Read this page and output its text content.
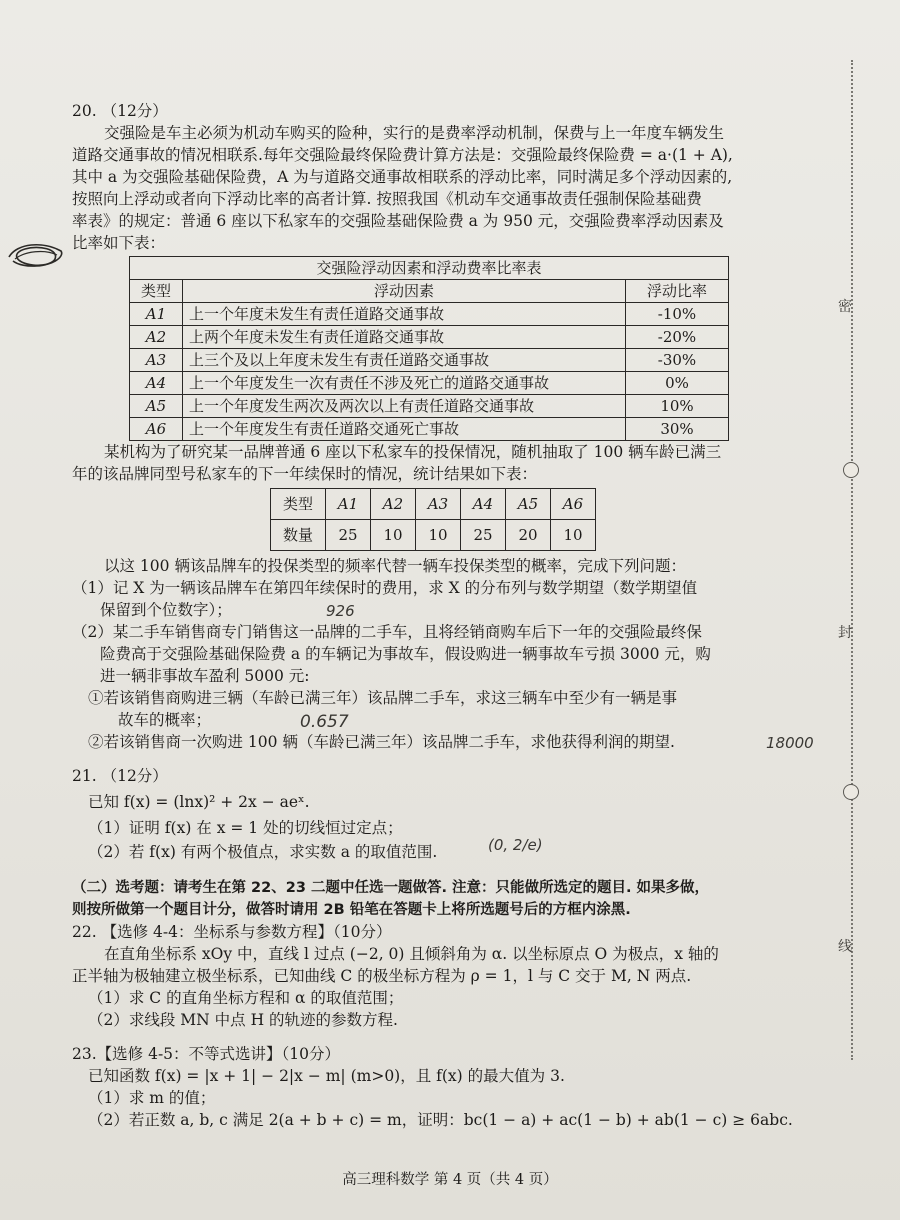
密
封
线
20. （12分）
交强险是车主必须为机动车购买的险种，实行的是费率浮动机制，保费与上一年度车辆发生
道路交通事故的情况相联系.每年交强险最终保险费计算方法是：交强险最终保险费 = a·(1 + A),
其中 a 为交强险基础保险费，A 为与道路交通事故相联系的浮动比率，同时满足多个浮动因素的,
按照向上浮动或者向下浮动比率的高者计算. 按照我国《机动车交通事故责任强制保险基础费
率表》的规定：普通 6 座以下私家车的交强险基础保险费 a 为 950 元，交强险费率浮动因素及
比率如下表：
交强险浮动因素和浮动费率比率表		
类型	浮动因素	浮动比率
A1	上一个年度未发生有责任道路交通事故	-10%
A2	上两个年度未发生有责任道路交通事故	-20%
A3	上三个及以上年度未发生有责任道路交通事故	-30%
A4	上一个年度发生一次有责任不涉及死亡的道路交通事故	0%
A5	上一个年度发生两次及两次以上有责任道路交通事故	10%
A6	上一个年度发生有责任道路交通死亡事故	30%
某机构为了研究某一品牌普通 6 座以下私家车的投保情况，随机抽取了 100 辆车龄已满三
年的该品牌同型号私家车的下一年续保时的情况，统计结果如下表：
类型	A1	A2	A3	A4	A5	A6
数量	25	10	10	25	20	10
以这 100 辆该品牌车的投保类型的频率代替一辆车投保类型的概率，完成下列问题：
（1）记 X 为一辆该品牌车在第四年续保时的费用，求 X 的分布列与数学期望（数学期望值
保留到个位数字）；
（2）某二手车销售商专门销售这一品牌的二手车，且将经销商购车后下一年的交强险最终保
险费高于交强险基础保险费 a 的车辆记为事故车，假设购进一辆事故车亏损 3000 元，购
进一辆非事故车盈利 5000 元:
①若该销售商购进三辆（车龄已满三年）该品牌二手车，求这三辆车中至少有一辆是事
故车的概率；
②若该销售商一次购进 100 辆（车龄已满三年）该品牌二手车，求他获得利润的期望.
21. （12分）
已知 f(x) = (lnx)² + 2x − aeˣ.
（1）证明 f(x) 在 x = 1 处的切线恒过定点；
（2）若 f(x) 有两个极值点，求实数 a 的取值范围.
（二）选考题：请考生在第 22、23 二题中任选一题做答. 注意：只能做所选定的题目. 如果多做，
则按所做第一个题目计分，做答时请用 2B 铅笔在答题卡上将所选题号后的方框内涂黑.
22. 【选修 4-4：坐标系与参数方程】（10分）
在直角坐标系 xOy 中，直线 l 过点 (−2, 0) 且倾斜角为 α. 以坐标原点 O 为极点，x 轴的
正半轴为极轴建立极坐标系，已知曲线 C 的极坐标方程为 ρ = 1，l 与 C 交于 M, N 两点.
（1）求 C 的直角坐标方程和 α 的取值范围；
（2）求线段 MN 中点 H 的轨迹的参数方程.
23.【选修 4-5：不等式选讲】（10分）
已知函数 f(x) = |x + 1| − 2|x − m| (m>0)，且 f(x) 的最大值为 3.
（1）求 m 的值；
（2）若正数 a, b, c 满足 2(a + b + c) = m，证明：bc(1 − a) + ac(1 − b) + ab(1 − c) ≥ 6abc.
高三理科数学 第 4 页（共 4 页）
926
0.657
18000
(0, 2/e)
